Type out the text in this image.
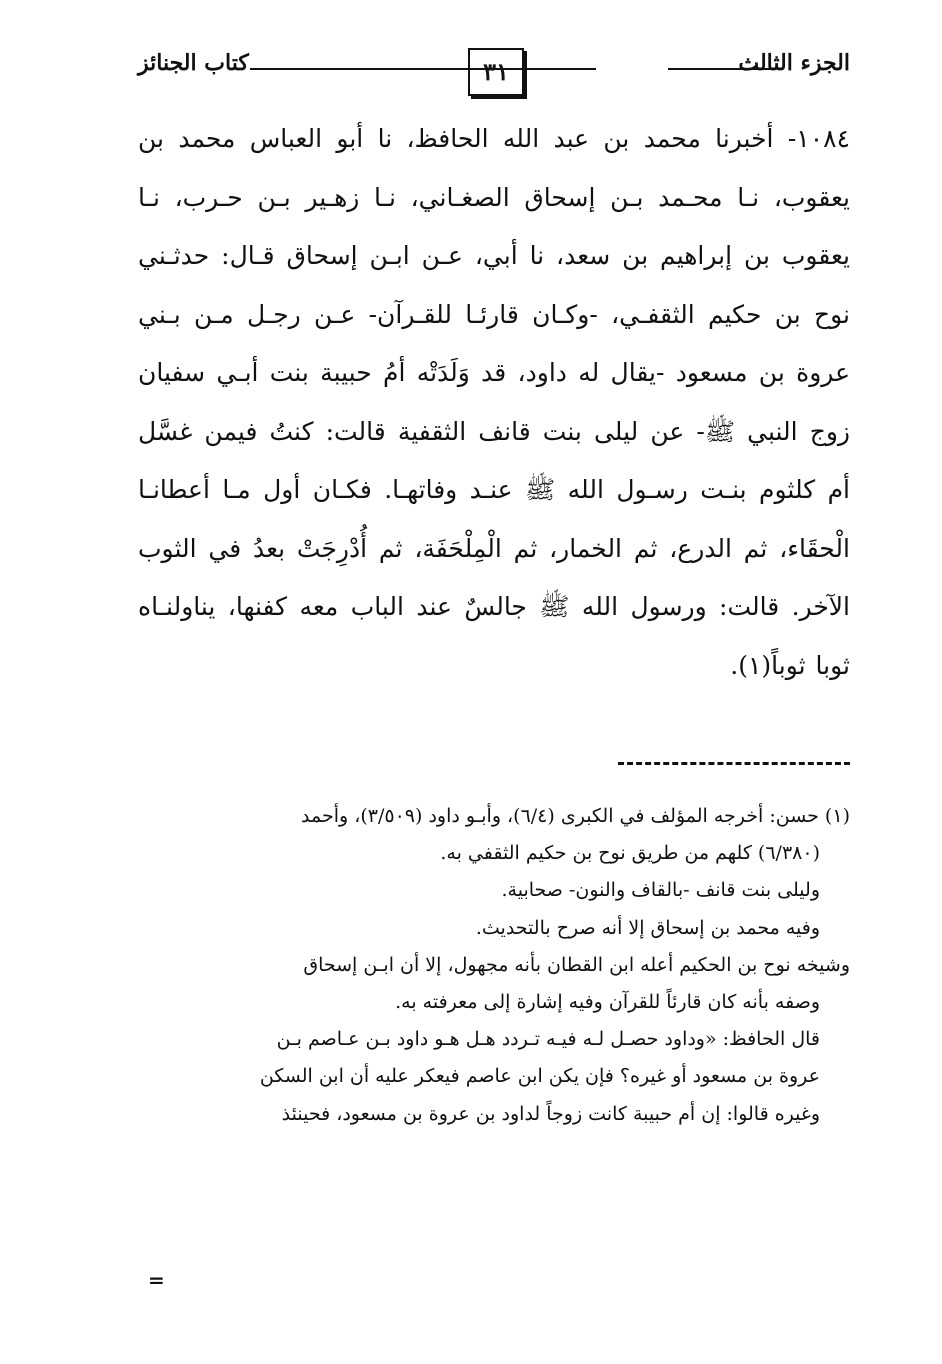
الجزء الثالث
٣١
كتاب الجنائز

١٠٨٤- أخبرنا محمد بن عبد الله الحافظ، نا أبو العباس محمد بن يعقوب، نـا محـمد بـن إسحاق الصغـاني، نـا زهـير بـن حـرب، نـا يعقوب بن إبراهيم بن سعد، نا أبي، عـن ابـن إسحاق قـال: حدثـني نوح بن حكيم الثقفـي، -وكـان قارئـا للقـرآن- عـن رجـل مـن بـني عروة بن مسعود -يقال له داود، قد وَلَدَتْه أمُ حبيبة بنت أبـي سفيان زوج النبي ﷺ- عن ليلى بنت قانف الثقفية قالت: كنتُ فيمن غسَّل أم كلثوم بنـت رسـول الله ﷺ عنـد وفاتهـا. فكـان أول مـا أعطانـا الْحقَاء، ثم الدرع، ثم الخمار، ثم الْمِلْحَفَة، ثم أُدْرِجَتْ بعدُ في الثوب الآخر. قالت: ورسول الله ﷺ جالسٌ عند الباب معه كفنها، يناولنـاه ثوبا ثوباً(١).

(١) حسن: أخرجه المؤلف في الكبرى (٦/٤)، وأبـو داود (٣/٥٠٩)، وأحمد

(٦/٣٨٠) كلهم من طريق نوح بن حكيم الثقفي به.

وليلى بنت قانف -بالقاف والنون- صحابية.

وفيه محمد بن إسحاق إلا أنه صرح بالتحديث.

وشيخه نوح بن الحكيم أعله ابن القطان بأنه مجهول، إلا أن ابـن إسحاق

وصفه بأنه كان قارئاً للقرآن وفيه إشارة إلى معرفته به.

قال الحافظ: «وداود حصـل لـه فيـه تـردد هـل هـو داود بـن عـاصم بـن

عروة بن مسعود أو غيره؟ فإن يكن ابن عاصم فيعكر عليه أن ابن السكن

وغيره قالوا: إن أم حبيبة كانت زوجاً لداود بن عروة بن مسعود، فحينئذ

=
